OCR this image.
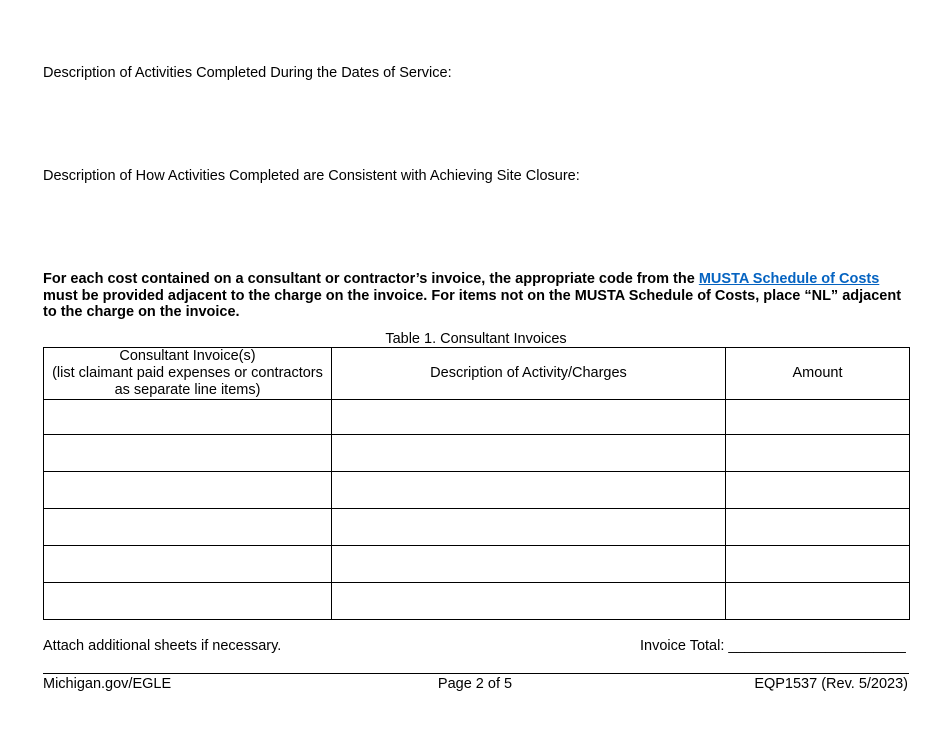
Description of Activities Completed During the Dates of Service:
Description of How Activities Completed are Consistent with Achieving Site Closure:
For each cost contained on a consultant or contractor’s invoice, the appropriate code from the MUSTA Schedule of Costs must be provided adjacent to the charge on the invoice. For items not on the MUSTA Schedule of Costs, place “NL” adjacent to the charge on the invoice.
Table 1. Consultant Invoices
Consultant Invoice(s)
(list claimant paid expenses or contractors as separate line items)	Description of Activity/Charges	Amount

Attach additional sheets if necessary.	Invoice Total: ______________________
Michigan.gov/EGLE	Page 2 of 5	EQP1537 (Rev. 5/2023)
